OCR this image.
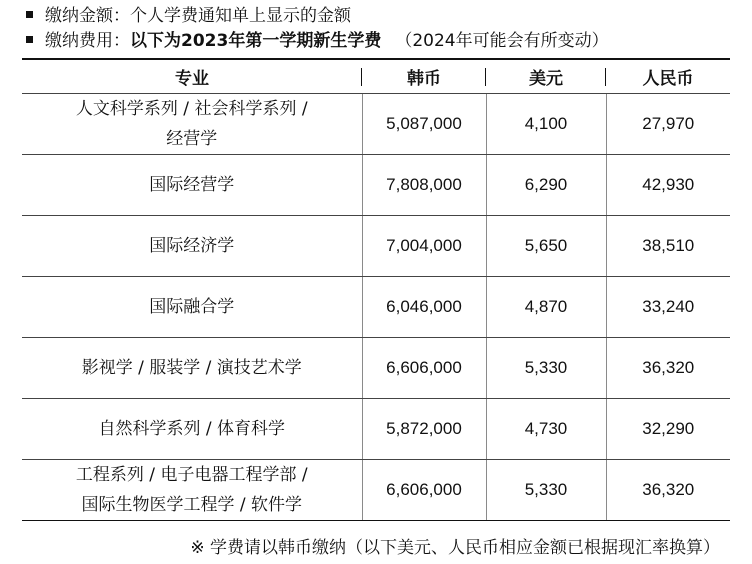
缴纳金额：个人学费通知单上显示的金额
缴纳费用：以下为2023年第一学期新生学费 （2024年可能会有所变动）
专业	韩币	美元	人民币

人文科学系列 / 社会科学系列 /
经营学	5,087,000	4,100	27,970

国际经营学	7,808,000	6,290	42,930

国际经济学	7,004,000	5,650	38,510

国际融合学	6,046,000	4,870	33,240

影视学 / 服装学 / 演技艺术学	6,606,000	5,330	36,320

自然科学系列 / 体育科学	5,872,000	4,730	32,290

工程系列 / 电子电器工程学部 /
国际生物医学工程学 / 软件学	6,606,000	5,330	36,320
※ 学费请以韩币缴纳（以下美元、人民币相应金额已根据现汇率换算）
